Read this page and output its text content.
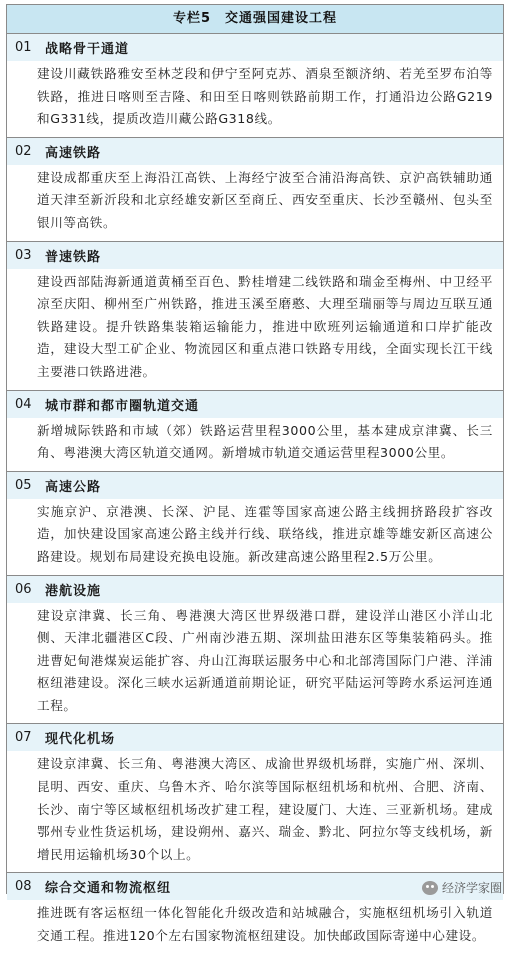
专栏5　交通强国建设工程
01	战略骨干通道
建设川藏铁路雅安至林芝段和伊宁至阿克苏、酒泉至额济纳、若羌至罗布泊等铁路，推进日喀则至吉隆、和田至日喀则铁路前期工作，打通沿边公路G219和G331线，提质改造川藏公路G318线。
02	高速铁路
建设成都重庆至上海沿江高铁、上海经宁波至合浦沿海高铁、京沪高铁辅助通道天津至新沂段和北京经雄安新区至商丘、西安至重庆、长沙至赣州、包头至银川等高铁。
03	普速铁路
建设西部陆海新通道黄桶至百色、黔桂增建二线铁路和瑞金至梅州、中卫经平凉至庆阳、柳州至广州铁路，推进玉溪至磨憨、大理至瑞丽等与周边互联互通铁路建设。提升铁路集装箱运输能力，推进中欧班列运输通道和口岸扩能改造，建设大型工矿企业、物流园区和重点港口铁路专用线，全面实现长江干线主要港口铁路进港。
04	城市群和都市圈轨道交通
新增城际铁路和市域（郊）铁路运营里程3000公里，基本建成京津冀、长三角、粤港澳大湾区轨道交通网。新增城市轨道交通运营里程3000公里。
05	高速公路
实施京沪、京港澳、长深、沪昆、连霍等国家高速公路主线拥挤路段扩容改造，加快建设国家高速公路主线并行线、联络线，推进京雄等雄安新区高速公路建设。规划布局建设充换电设施。新改建高速公路里程2.5万公里。
06	港航设施
建设京津冀、长三角、粤港澳大湾区世界级港口群，建设洋山港区小洋山北侧、天津北疆港区C段、广州南沙港五期、深圳盐田港东区等集装箱码头。推进曹妃甸港煤炭运能扩容、舟山江海联运服务中心和北部湾国际门户港、洋浦枢纽港建设。深化三峡水运新通道前期论证，研究平陆运河等跨水系运河连通工程。
07	现代化机场
建设京津冀、长三角、粤港澳大湾区、成渝世界级机场群，实施广州、深圳、昆明、西安、重庆、乌鲁木齐、哈尔滨等国际枢纽机场和杭州、合肥、济南、长沙、南宁等区域枢纽机场改扩建工程，建设厦门、大连、三亚新机场。建成鄂州专业性货运机场，建设朔州、嘉兴、瑞金、黔北、阿拉尔等支线机场，新增民用运输机场30个以上。
08	综合交通和物流枢纽
推进既有客运枢纽一体化智能化升级改造和站城融合，实施枢纽机场引入轨道交通工程。推进120个左右国家物流枢纽建设。加快邮政国际寄递中心建设。
经济学家圈
